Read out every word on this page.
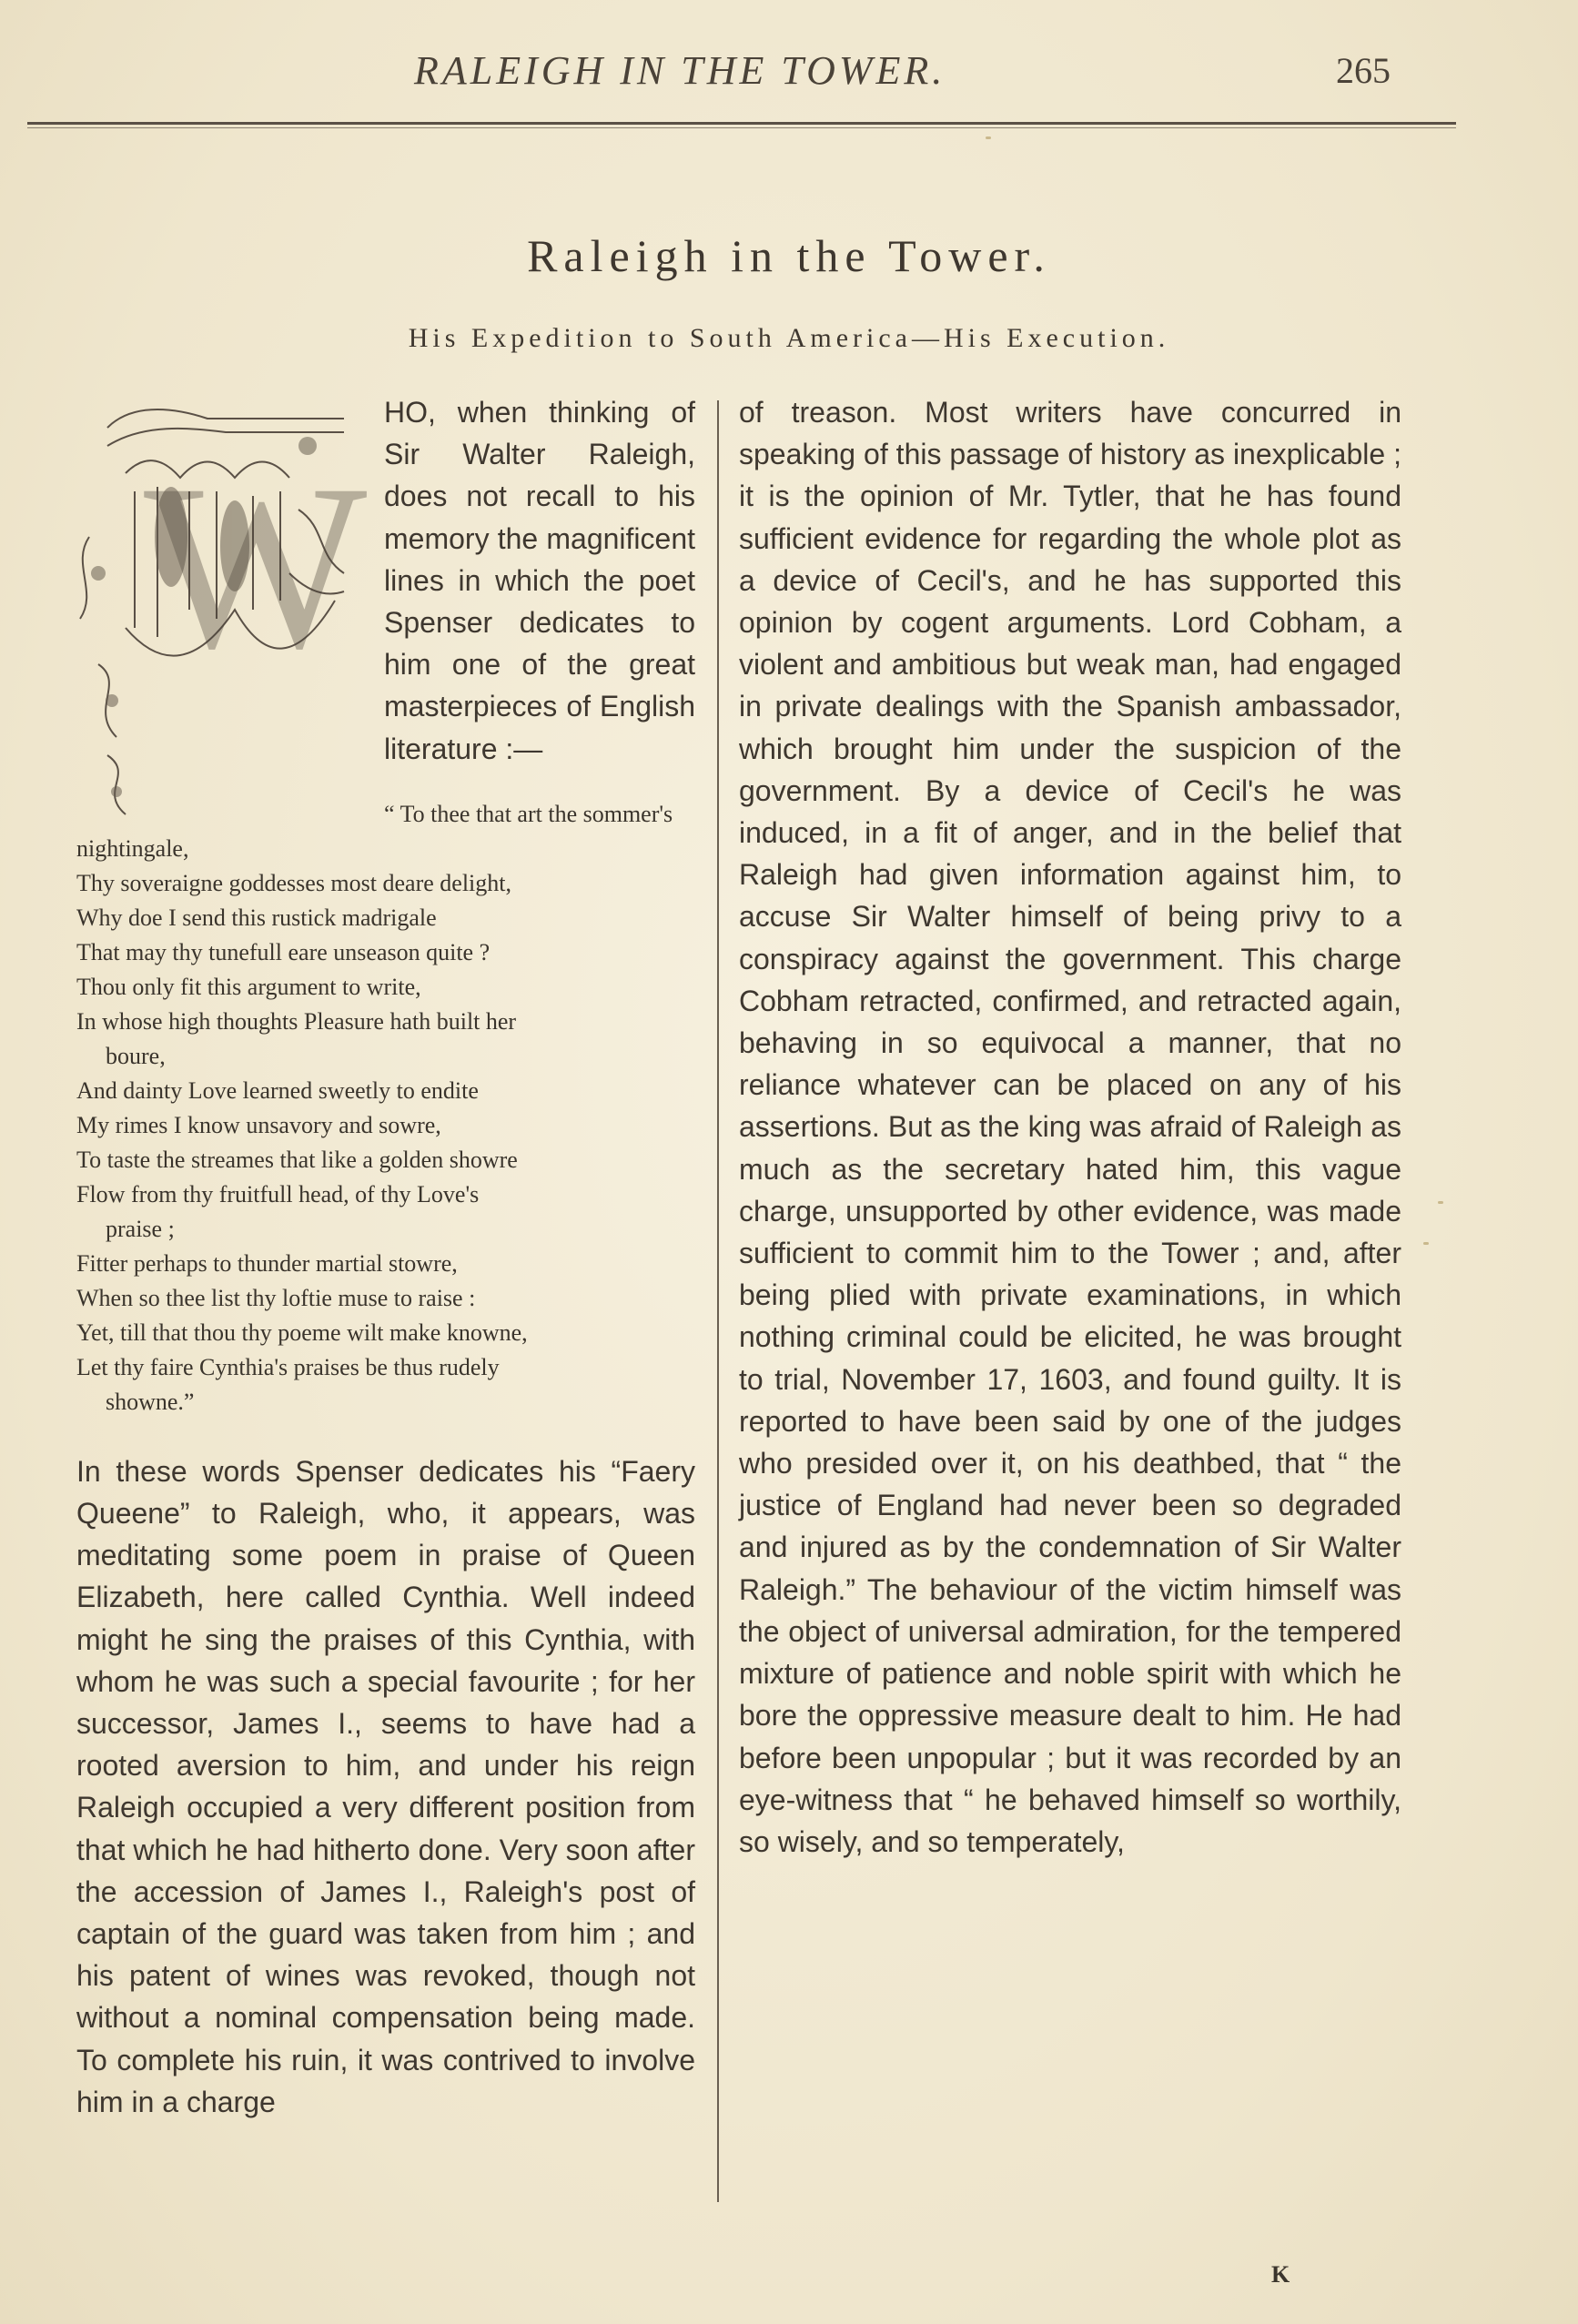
RALEIGH IN THE TOWER.	265
Raleigh in the Tower.
His Expedition to South America—His Execution.
W

HO, when thinking of Sir Walter Raleigh, does not recall to his memory the magnificent lines in which the poet Spenser dedicates to him one of the great masterpieces of English literature :—

“ To thee that art the sommer's nightingale,
Thy soveraigne goddesses most deare delight,
Why doe I send this rustick madrigale
That may thy tunefull eare unseason quite ?
Thou only fit this argument to write,
In whose high thoughts Pleasure hath built her
boure,
And dainty Love learned sweetly to endite
My rimes I know unsavory and sowre,
To taste the streames that like a golden showre
Flow from thy fruitfull head, of thy Love's
praise ;
Fitter perhaps to thunder martial stowre,
When so thee list thy loftie muse to raise :
Yet, till that thou thy poeme wilt make knowne,
Let thy faire Cynthia's praises be thus rudely
showne.”

In these words Spenser dedicates his “Faery Queene” to Raleigh, who, it appears, was meditating some poem in praise of Queen Elizabeth, here called Cynthia. Well indeed might he sing the praises of this Cynthia, with whom he was such a special favourite ; for her successor, James I., seems to have had a rooted aversion to him, and under his reign Raleigh occupied a very different position from that which he had hitherto done. Very soon after the accession of James I., Raleigh's post of captain of the guard was taken from him ; and his patent of wines was revoked, though not without a nominal compensation being made. To complete his ruin, it was contrived to involve him in a charge

of treason. Most writers have concurred in speaking of this passage of history as inexplicable ; it is the opinion of Mr. Tytler, that he has found sufficient evidence for regarding the whole plot as a device of Cecil's, and he has supported this opinion by cogent arguments. Lord Cobham, a violent and ambitious but weak man, had engaged in private dealings with the Spanish ambassador, which brought him under the suspicion of the government. By a device of Cecil's he was induced, in a fit of anger, and in the belief that Raleigh had given information against him, to accuse Sir Walter himself of being privy to a conspiracy against the government. This charge Cobham retracted, confirmed, and retracted again, behaving in so equivocal a manner, that no reliance whatever can be placed on any of his assertions. But as the king was afraid of Raleigh as much as the secretary hated him, this vague charge, unsupported by other evidence, was made sufficient to commit him to the Tower ; and, after being plied with private examinations, in which nothing criminal could be elicited, he was brought to trial, November 17, 1603, and found guilty. It is reported to have been said by one of the judges who presided over it, on his deathbed, that “ the justice of England had never been so degraded and injured as by the condemnation of Sir Walter Raleigh.” The behaviour of the victim himself was the object of universal admiration, for the tempered mixture of patience and noble spirit with which he bore the oppressive measure dealt to him. He had before been unpopular ; but it was recorded by an eye-witness that “ he behaved himself so worthily, so wisely, and so temperately,

K
